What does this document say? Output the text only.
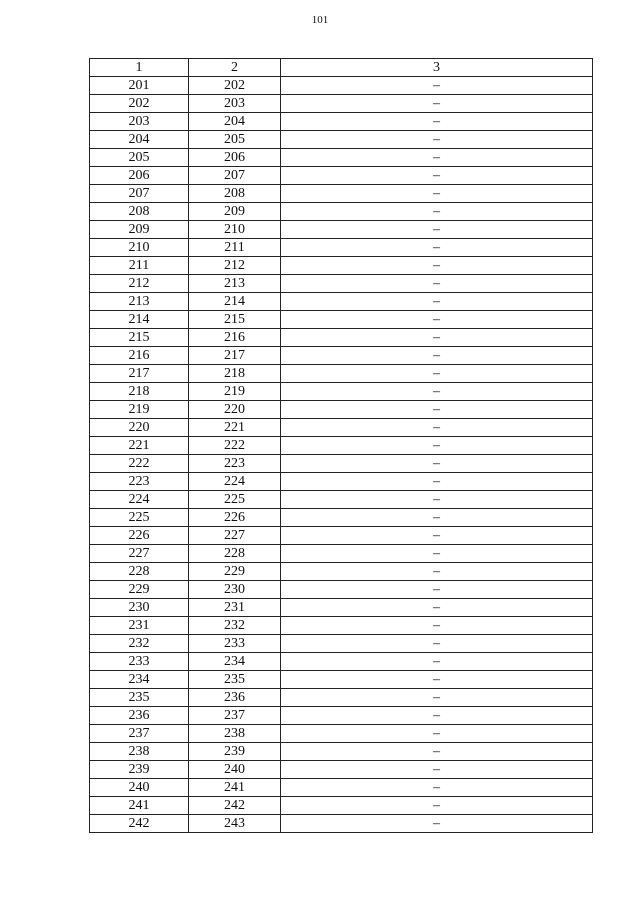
101
1	2	3
201	202	–
202	203	–
203	204	–
204	205	–
205	206	–
206	207	–
207	208	–
208	209	–
209	210	–
210	211	–
211	212	–
212	213	–
213	214	–
214	215	–
215	216	–
216	217	–
217	218	–
218	219	–
219	220	–
220	221	–
221	222	–
222	223	–
223	224	–
224	225	–
225	226	–
226	227	–
227	228	–
228	229	–
229	230	–
230	231	–
231	232	–
232	233	–
233	234	–
234	235	–
235	236	–
236	237	–
237	238	–
238	239	–
239	240	–
240	241	–
241	242	–
242	243	–
